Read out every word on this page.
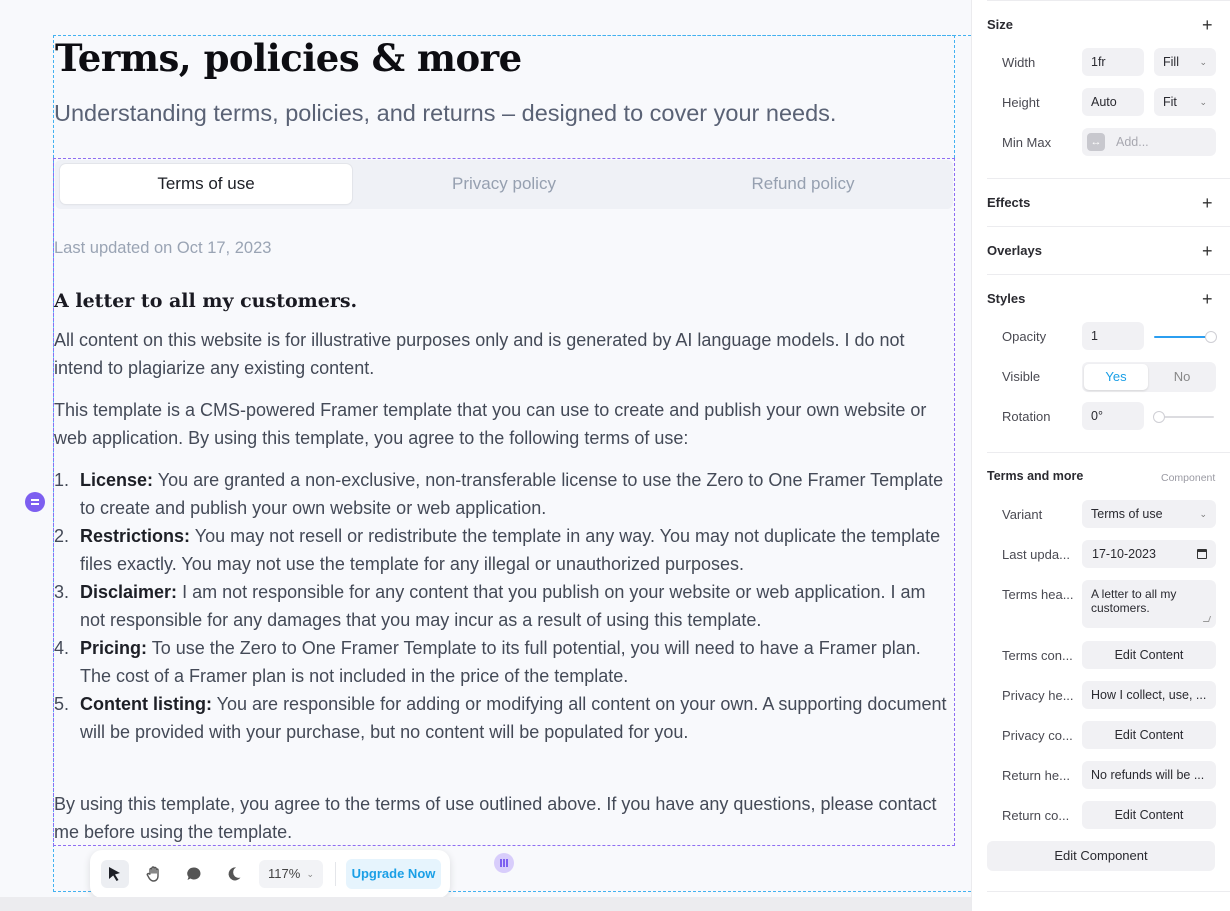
Terms, policies & more
Understanding terms, policies, and returns – designed to cover your needs.
Terms of use	Privacy policy	Refund policy
Last updated on Oct 17, 2023
A letter to all my customers.

All content on this website is for illustrative purposes only and is generated by AI language models. I do not intend to plagiarize any existing content.

This template is a CMS-powered Framer template that you can use to create and publish your own website or web application. By using this template, you agree to the following terms of use:

1. License: You are granted a non-exclusive, non-transferable license to use the Zero to One Framer Template to create and publish your own website or web application.
2. Restrictions: You may not resell or redistribute the template in any way. You may not duplicate the template files exactly. You may not use the template for any illegal or unauthorized purposes.
3. Disclaimer: I am not responsible for any content that you publish on your website or web application. I am not responsible for any damages that you may incur as a result of using this template.
4. Pricing: To use the Zero to One Framer Template to its full potential, you will need to have a Framer plan. The cost of a Framer plan is not included in the price of the template.
5. Content listing: You are responsible for adding or modifying all content on your own. A supporting document will be provided with your purchase, but no content will be populated for you.

By using this template, you agree to the terms of use outlined above. If you have any questions, please contact me before using the template.

117% ⌄	Upgrade Now
Size	+
Width	1fr	Fill ⌄
Height	Auto	Fit	⌄
Min Max	↔ Add...
Effects	+
Overlays	+
Styles	+
Opacity	1
Visible	Yes	No
Rotation	0°
Terms and more	Component
Variant	Terms of use	⌄
Last upda...	17-10-2023
Terms hea...	A letter to all my customers.
Terms con...	Edit Content
Privacy he...	How I collect, use, ...
Privacy co...	Edit Content
Return he...	No refunds will be ...
Return co...	Edit Content
Edit Component
